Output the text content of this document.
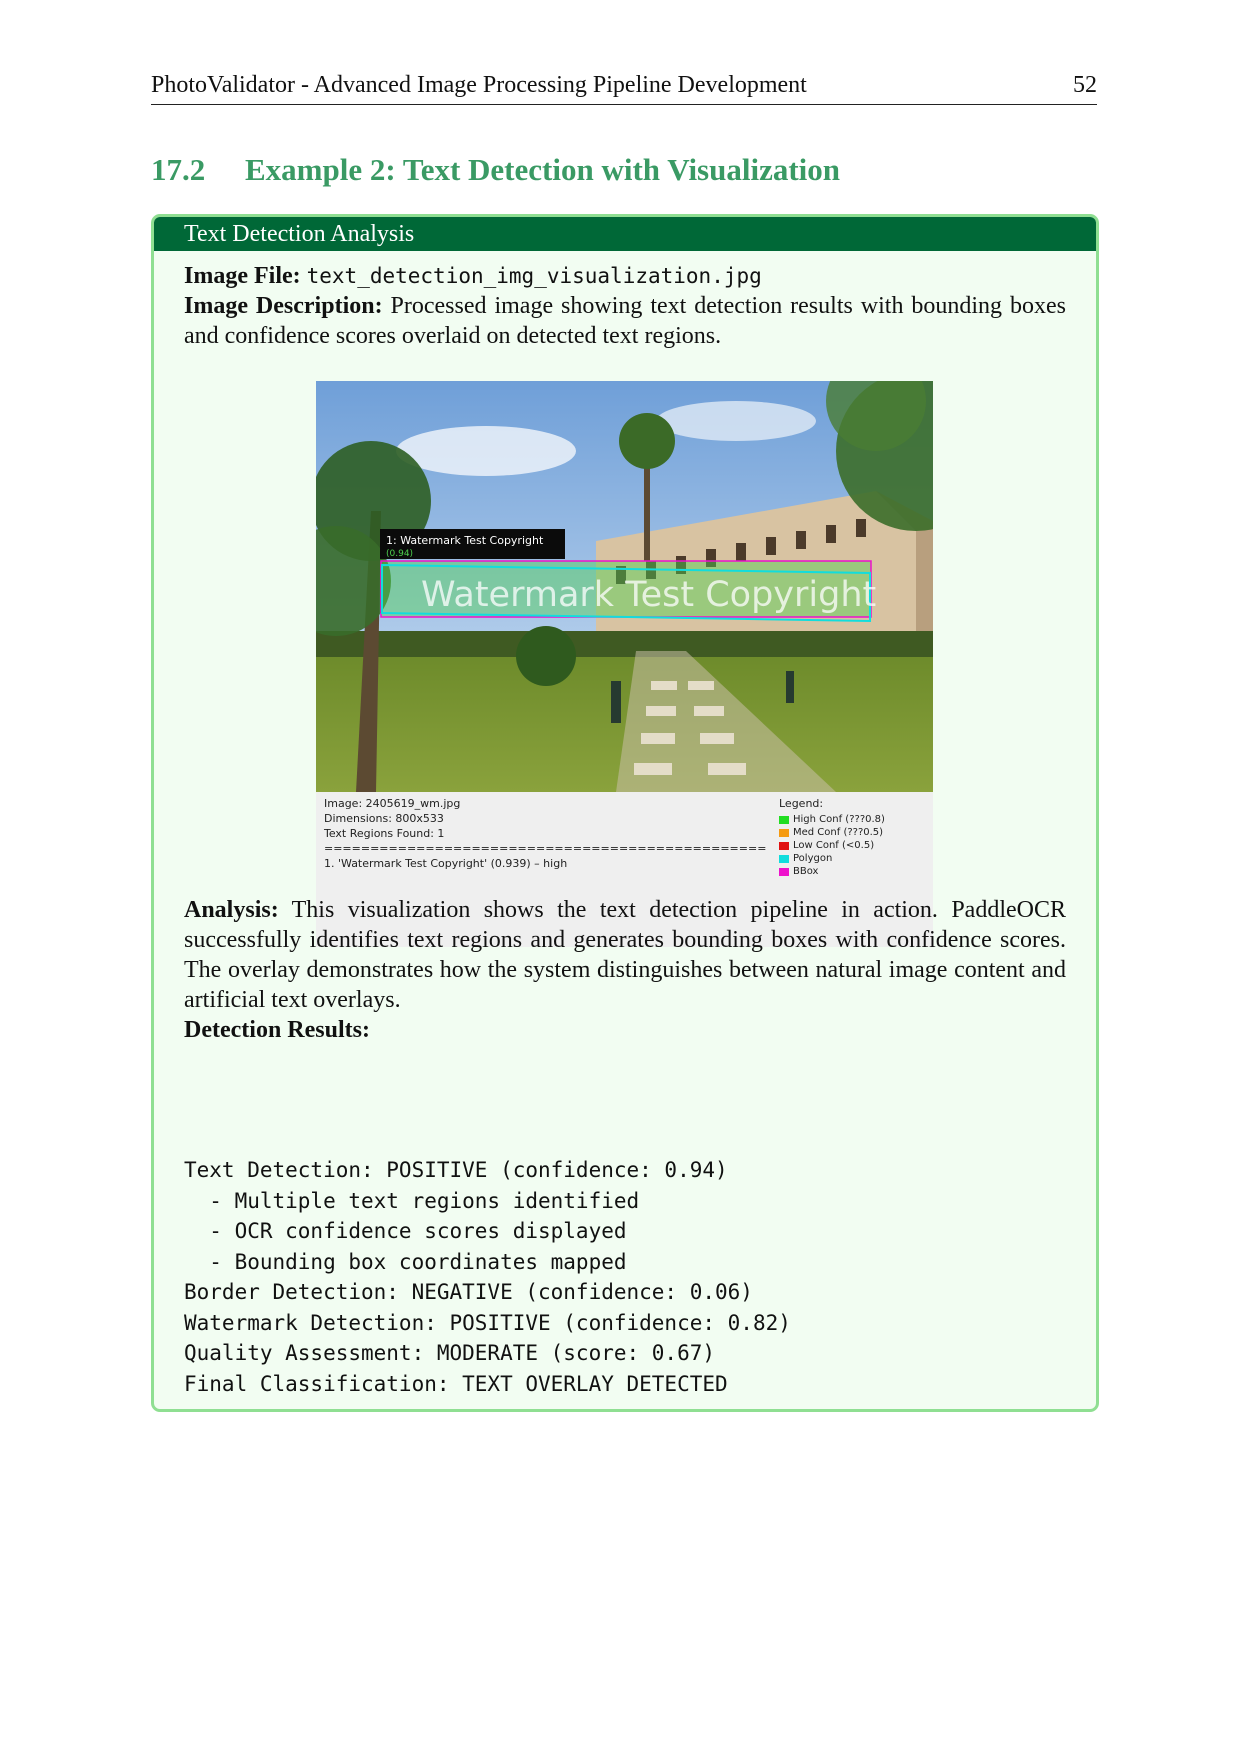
PhotoValidator - Advanced Image Processing Pipeline Development	52
17.2 Example 2: Text Detection with Visualization
Text Detection Analysis
Image File: text_detection_img_visualization.jpg
Image Description: Processed image showing text detection results with bounding boxes and confidence scores overlaid on detected text regions.
Watermark Test Copyright
1: Watermark Test Copyright
(0.94)
Image: 2405619_wm.jpg
Dimensions: 800x533
Text Regions Found: 1
================================================
1. 'Watermark Test Copyright' (0.939) – high
Legend:
High Conf (???0.8)
Med Conf (???0.5)
Low Conf (<0.5)
Polygon
BBox
Analysis: This visualization shows the text detection pipeline in action. PaddleOCR successfully identifies text regions and generates bounding boxes with confidence scores. The overlay demonstrates how the system distinguishes between natural image content and artificial text overlays.
Detection Results:
Text Detection: POSITIVE (confidence: 0.94)
- Multiple text regions identified
- OCR confidence scores displayed
- Bounding box coordinates mapped
Border Detection: NEGATIVE (confidence: 0.06)
Watermark Detection: POSITIVE (confidence: 0.82)
Quality Assessment: MODERATE (score: 0.67)
Final Classification: TEXT OVERLAY DETECTED
